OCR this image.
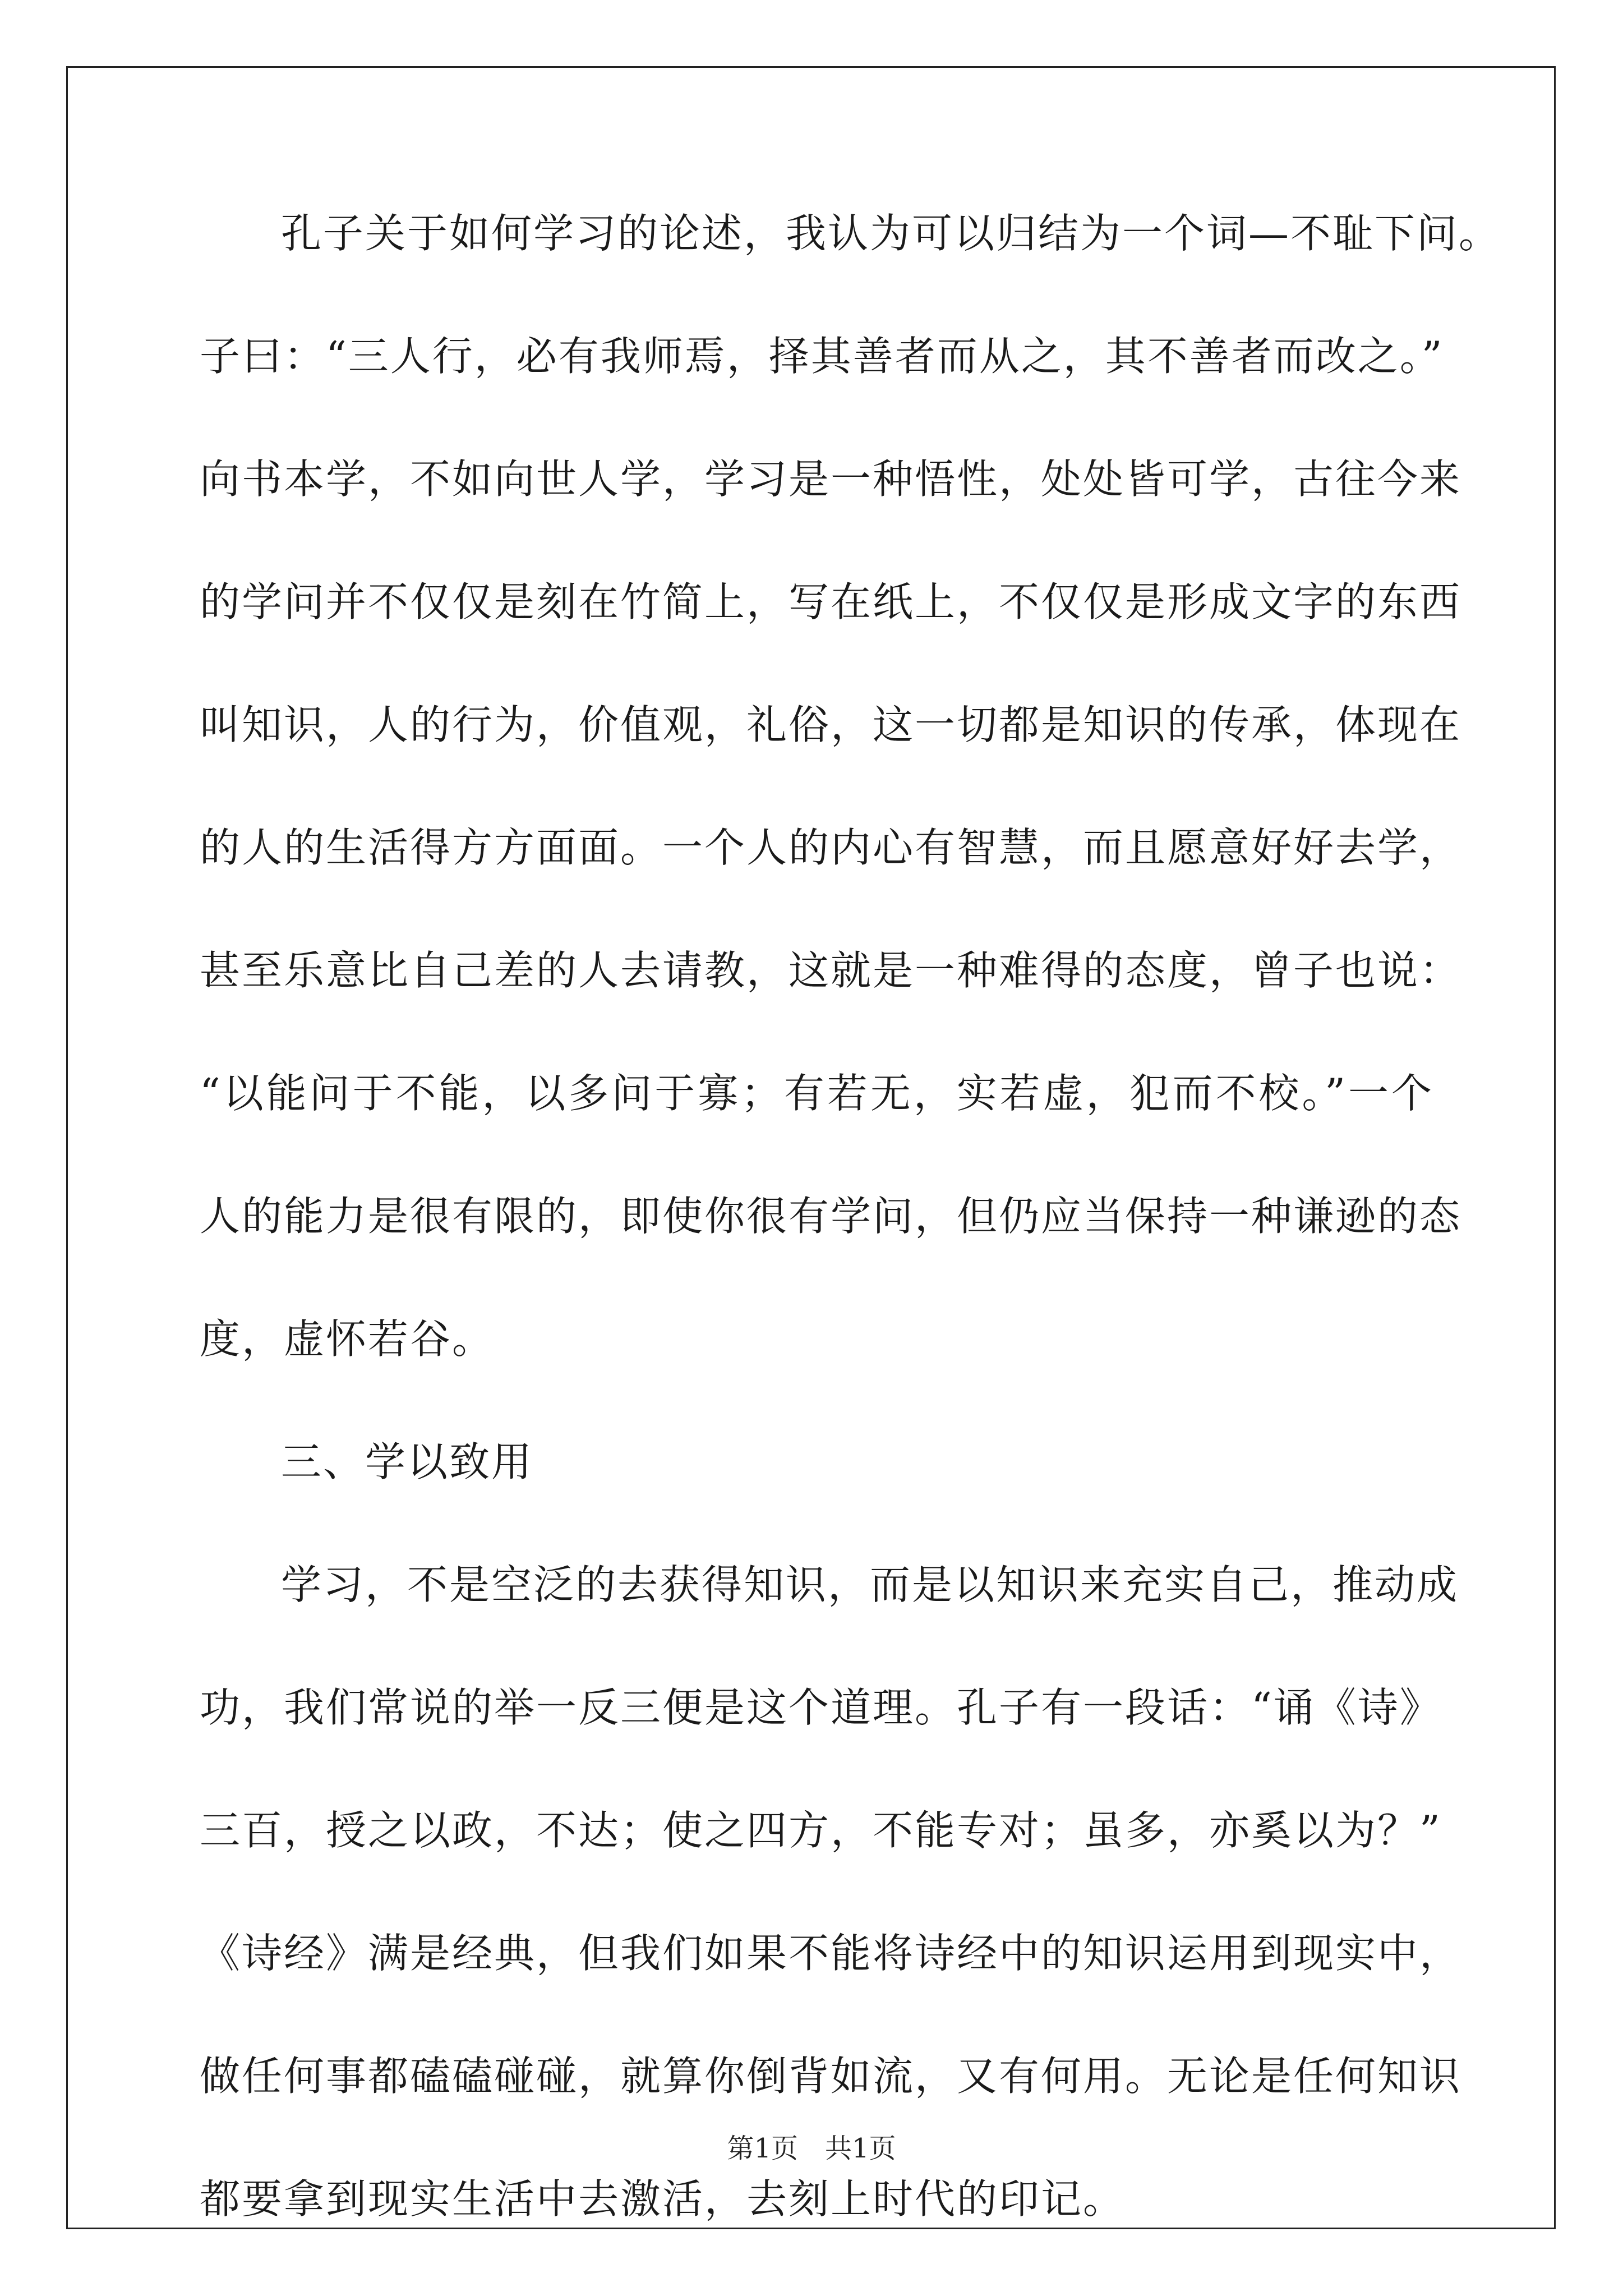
孔子关于如何学习的论述，我认为可以归结为一个词—不耻下问。
子曰：“三人行，必有我师焉，择其善者而从之，其不善者而改之。”
向书本学，不如向世人学，学习是一种悟性，处处皆可学，古往今来
的学问并不仅仅是刻在竹简上，写在纸上，不仅仅是形成文字的东西
叫知识，人的行为，价值观，礼俗，这一切都是知识的传承，体现在
的人的生活得方方面面。一个人的内心有智慧，而且愿意好好去学，
甚至乐意比自己差的人去请教，这就是一种难得的态度，曾子也说：
“以能问于不能，以多问于寡；有若无，实若虚，犯而不校。”一个
人的能力是很有限的，即使你很有学问，但仍应当保持一种谦逊的态
度，虚怀若谷。
三、学以致用
学习，不是空泛的去获得知识，而是以知识来充实自己，推动成
功，我们常说的举一反三便是这个道理。孔子有一段话：“诵《诗》
三百，授之以政，不达；使之四方，不能专对；虽多，亦奚以为？”
《诗经》满是经典，但我们如果不能将诗经中的知识运用到现实中，
做任何事都磕磕碰碰，就算你倒背如流，又有何用。无论是任何知识
都要拿到现实生活中去激活，去刻上时代的印记。
第1页 共1页
